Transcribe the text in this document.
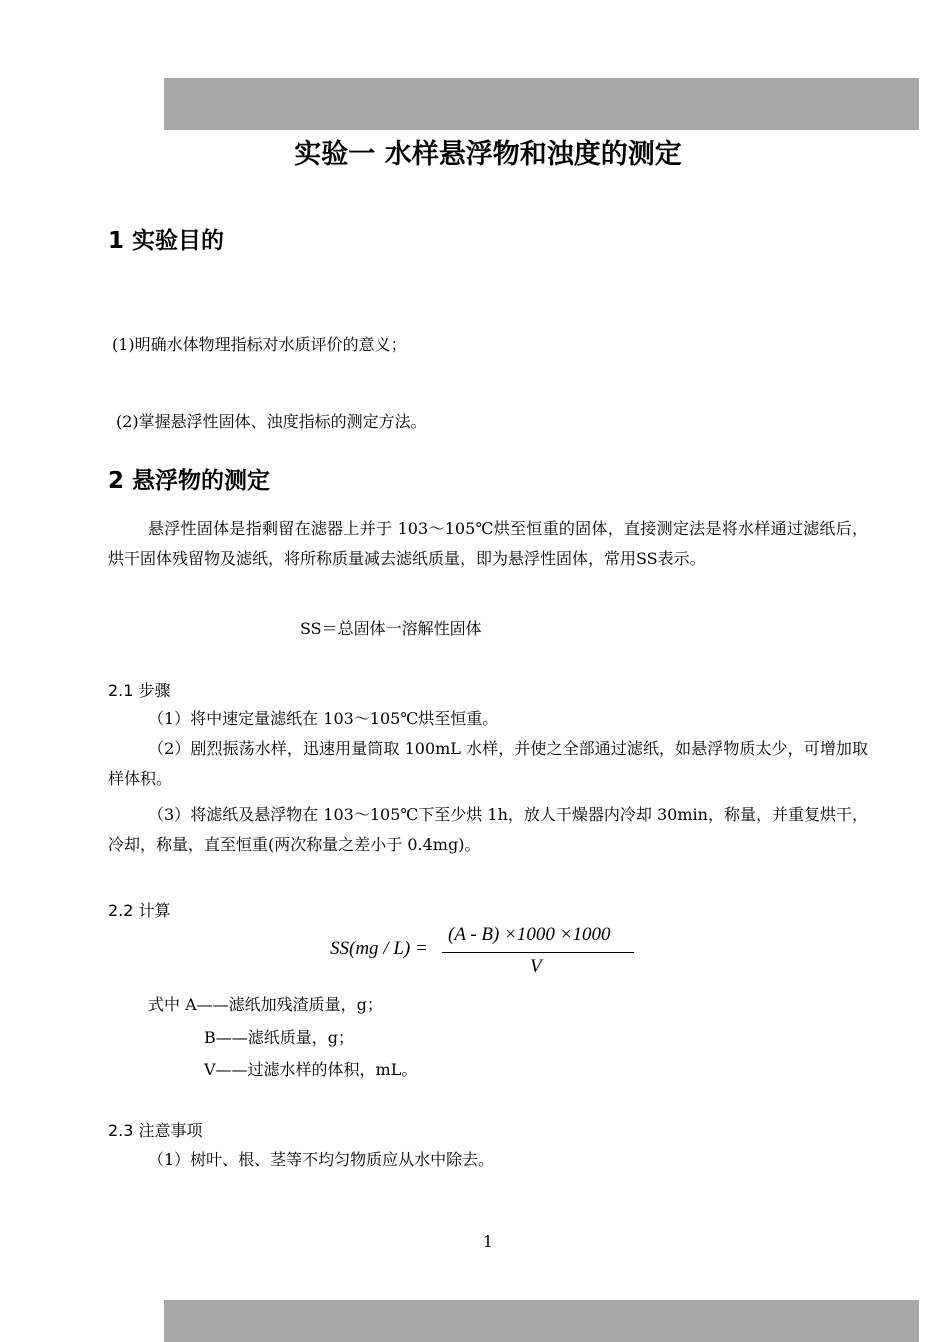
实验一 水样悬浮物和浊度的测定
1 实验目的
(1)明确水体物理指标对水质评价的意义；
(2)掌握悬浮性固体、浊度指标的测定方法。
2 悬浮物的测定
悬浮性固体是指剩留在滤器上并于 103～105℃烘至恒重的固体，直接测定法是将水样通过滤纸后，烘干固体残留物及滤纸，将所称质量减去滤纸质量，即为悬浮性固体，常用SS表示。
SS＝总固体一溶解性固体
2.1 步骤
（1）将中速定量滤纸在 103～105℃烘至恒重。
（2）剧烈振荡水样，迅速用量筒取 100mL 水样，并使之全部通过滤纸，如悬浮物质太少，可增加取样体积。
（3）将滤纸及悬浮物在 103～105℃下至少烘 1h，放人干燥器内冷却 30min，称量，并重复烘干，冷却，称量，直至恒重(两次称量之差小于 0.4mg)。
2.2 计算
SS(mg / L) =
(A - B) ×1000 ×1000
V
式中 A——滤纸加残渣质量，g；
B——滤纸质量，g；
V——过滤水样的体积，mL。
2.3 注意事项
（1）树叶、根、茎等不均匀物质应从水中除去。
1
